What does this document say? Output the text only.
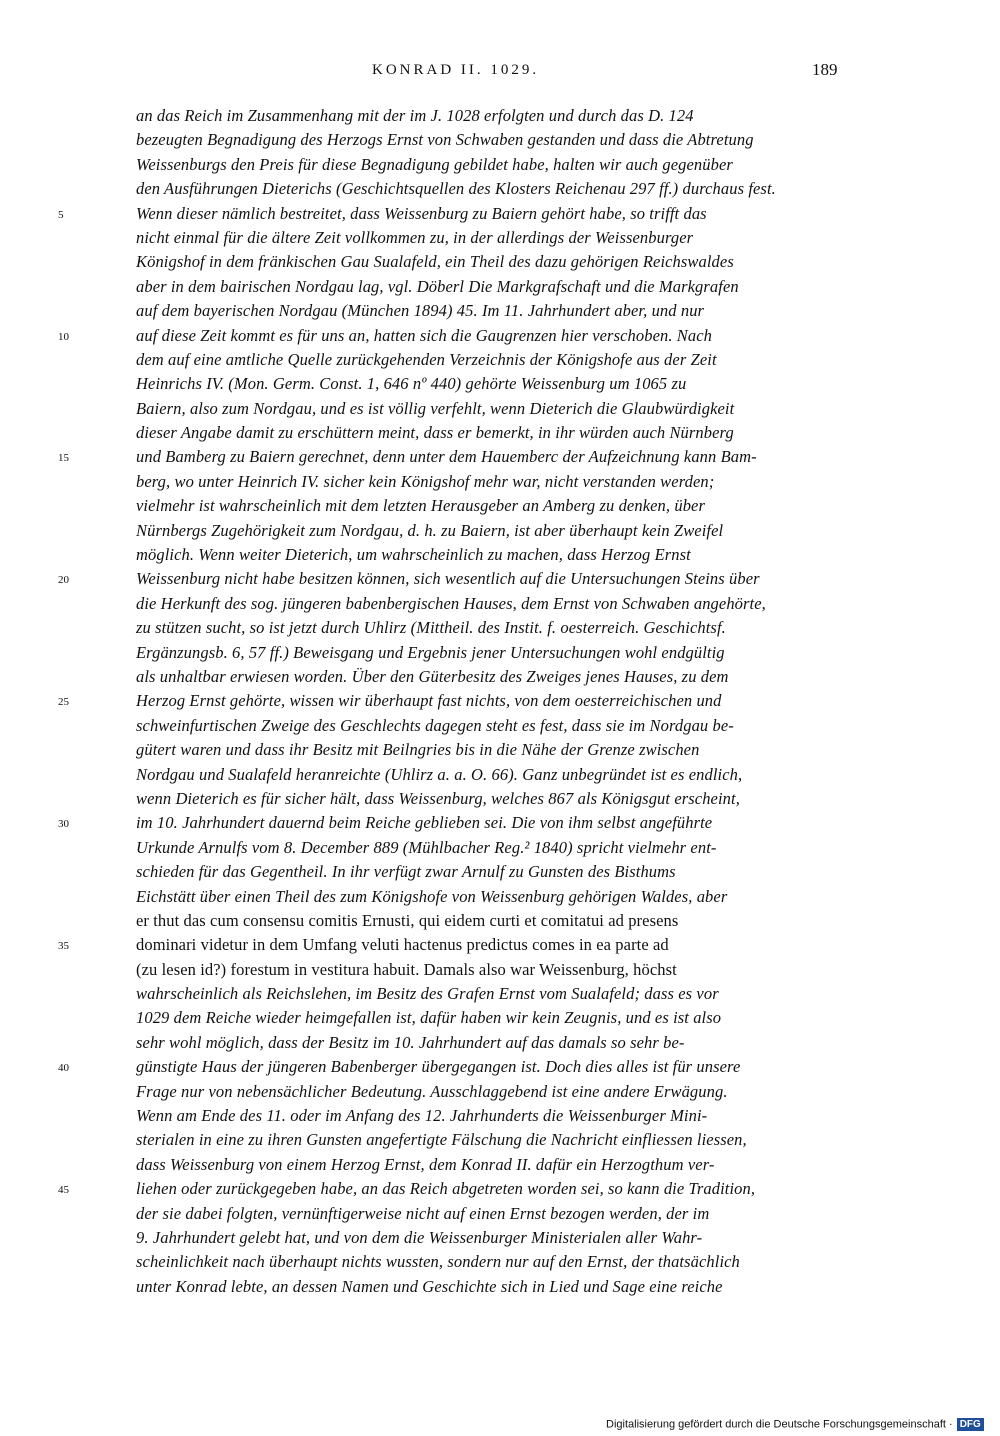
KONRAD II. 1029.	189
an das Reich im Zusammenhang mit der im J. 1028 erfolgten und durch das D. 124
bezeugten Begnadigung des Herzogs Ernst von Schwaben gestanden und dass die Abtretung
Weissenburgs den Preis für diese Begnadigung gebildet habe, halten wir auch gegenüber
den Ausführungen Dieterichs (Geschichtsquellen des Klosters Reichenau 297 ff.) durchaus fest.
5	Wenn dieser nämlich bestreitet, dass Weissenburg zu Baiern gehört habe, so trifft das
nicht einmal für die ältere Zeit vollkommen zu, in der allerdings der Weissenburger
Königshof in dem fränkischen Gau Sualafeld, ein Theil des dazu gehörigen Reichswaldes
aber in dem bairischen Nordgau lag, vgl. Döberl Die Markgrafschaft und die Markgrafen
auf dem bayerischen Nordgau (München 1894) 45. Im 11. Jahrhundert aber, und nur
10	auf diese Zeit kommt es für uns an, hatten sich die Gaugrenzen hier verschoben. Nach
dem auf eine amtliche Quelle zurückgehenden Verzeichnis der Königshofe aus der Zeit
Heinrichs IV. (Mon. Germ. Const. 1, 646 nº 440) gehörte Weissenburg um 1065 zu
Baiern, also zum Nordgau, und es ist völlig verfehlt, wenn Dieterich die Glaubwürdigkeit
dieser Angabe damit zu erschüttern meint, dass er bemerkt, in ihr würden auch Nürnberg
15	und Bamberg zu Baiern gerechnet, denn unter dem Hauemberc der Aufzeichnung kann Bam-
berg, wo unter Heinrich IV. sicher kein Königshof mehr war, nicht verstanden werden;
vielmehr ist wahrscheinlich mit dem letzten Herausgeber an Amberg zu denken, über
Nürnbergs Zugehörigkeit zum Nordgau, d. h. zu Baiern, ist aber überhaupt kein Zweifel
möglich. Wenn weiter Dieterich, um wahrscheinlich zu machen, dass Herzog Ernst
20	Weissenburg nicht habe besitzen können, sich wesentlich auf die Untersuchungen Steins über
die Herkunft des sog. jüngeren babenbergischen Hauses, dem Ernst von Schwaben angehörte,
zu stützen sucht, so ist jetzt durch Uhlirz (Mittheil. des Instit. f. oesterreich. Geschichtsf.
Ergänzungsb. 6, 57 ff.) Beweisgang und Ergebnis jener Untersuchungen wohl endgültig
als unhaltbar erwiesen worden. Über den Güterbesitz des Zweiges jenes Hauses, zu dem
25	Herzog Ernst gehörte, wissen wir überhaupt fast nichts, von dem oesterreichischen und
schweinfurtischen Zweige des Geschlechts dagegen steht es fest, dass sie im Nordgau be-
gütert waren und dass ihr Besitz mit Beilngries bis in die Nähe der Grenze zwischen
Nordgau und Sualafeld heranreichte (Uhlirz a. a. O. 66). Ganz unbegründet ist es endlich,
wenn Dieterich es für sicher hält, dass Weissenburg, welches 867 als Königsgut erscheint,
30	im 10. Jahrhundert dauernd beim Reiche geblieben sei. Die von ihm selbst angeführte
Urkunde Arnulfs vom 8. December 889 (Mühlbacher Reg.² 1840) spricht vielmehr ent-
schieden für das Gegentheil. In ihr verfügt zwar Arnulf zu Gunsten des Bisthums
Eichstätt über einen Theil des zum Königshofe von Weissenburg gehörigen Waldes, aber
er thut das cum consensu comitis Ernusti, qui eidem curti et comitatui ad presens
35	dominari videtur in dem Umfang veluti hactenus predictus comes in ea parte ad
(zu lesen id?) forestum in vestitura habuit. Damals also war Weissenburg, höchst
wahrscheinlich als Reichslehen, im Besitz des Grafen Ernst vom Sualafeld; dass es vor
1029 dem Reiche wieder heimgefallen ist, dafür haben wir kein Zeugnis, und es ist also
sehr wohl möglich, dass der Besitz im 10. Jahrhundert auf das damals so sehr be-
40	günstigte Haus der jüngeren Babenberger übergegangen ist. Doch dies alles ist für unsere
Frage nur von nebensächlicher Bedeutung. Ausschlaggebend ist eine andere Erwägung.
Wenn am Ende des 11. oder im Anfang des 12. Jahrhunderts die Weissenburger Mini-
sterialen in eine zu ihren Gunsten angefertigte Fälschung die Nachricht einfliessen liessen,
dass Weissenburg von einem Herzog Ernst, dem Konrad II. dafür ein Herzogthum ver-
45	liehen oder zurückgegeben habe, an das Reich abgetreten worden sei, so kann die Tradition,
der sie dabei folgten, vernünftigerweise nicht auf einen Ernst bezogen werden, der im
9. Jahrhundert gelebt hat, und von dem die Weissenburger Ministerialen aller Wahr-
scheinlichkeit nach überhaupt nichts wussten, sondern nur auf den Ernst, der thatsächlich
unter Konrad lebte, an dessen Namen und Geschichte sich in Lied und Sage eine reiche
Digitalisierung gefördert durch die Deutsche Forschungsgemeinschaft · DFG
